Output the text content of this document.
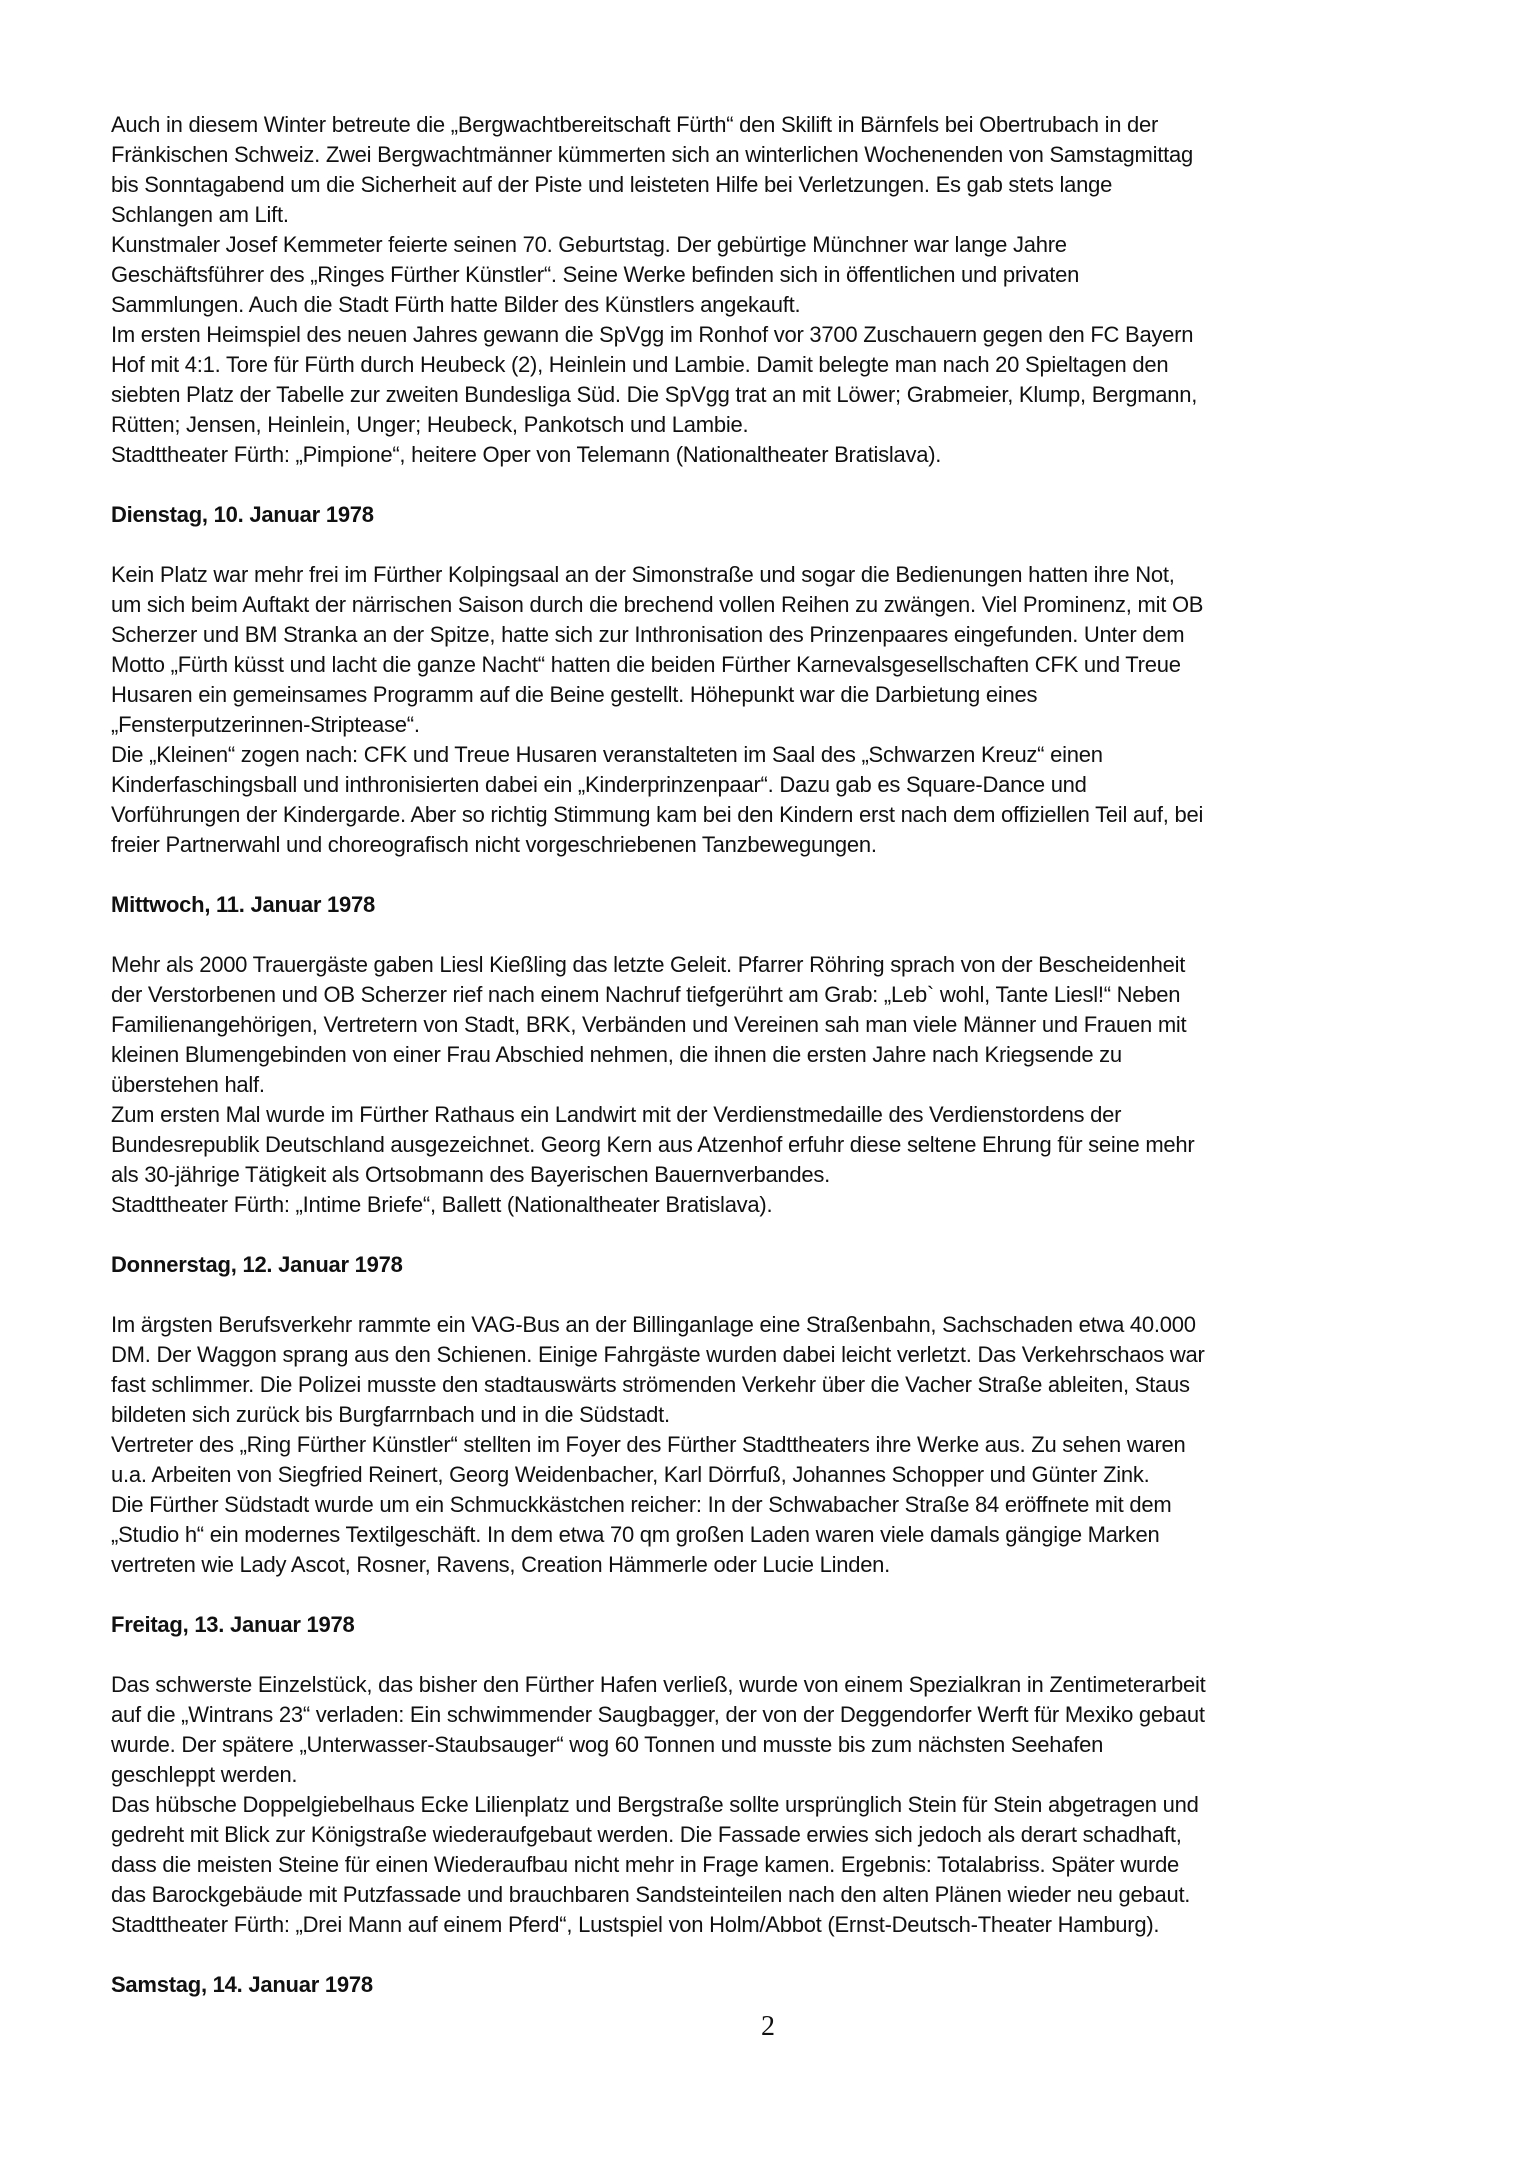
Auch in diesem Winter betreute die „Bergwachtbereitschaft Fürth“ den Skilift in Bärnfels bei Obertrubach in der
Fränkischen Schweiz. Zwei Bergwachtmänner kümmerten sich an winterlichen Wochenenden von Samstagmittag
bis Sonntagabend um die Sicherheit auf der Piste und leisteten Hilfe bei Verletzungen. Es gab stets lange
Schlangen am Lift.
Kunstmaler Josef Kemmeter feierte seinen 70. Geburtstag. Der gebürtige Münchner war lange Jahre
Geschäftsführer des „Ringes Fürther Künstler“. Seine Werke befinden sich in öffentlichen und privaten
Sammlungen. Auch die Stadt Fürth hatte Bilder des Künstlers angekauft.
Im ersten Heimspiel des neuen Jahres gewann die SpVgg im Ronhof vor 3700 Zuschauern gegen den FC Bayern
Hof mit 4:1. Tore für Fürth durch Heubeck (2), Heinlein und Lambie. Damit belegte man nach 20 Spieltagen den
siebten Platz der Tabelle zur zweiten Bundesliga Süd. Die SpVgg trat an mit Löwer; Grabmeier, Klump, Bergmann,
Rütten; Jensen, Heinlein, Unger; Heubeck, Pankotsch und Lambie.
Stadttheater Fürth: „Pimpione“, heitere Oper von Telemann (Nationaltheater Bratislava).
Dienstag, 10. Januar 1978
Kein Platz war mehr frei im Fürther Kolpingsaal an der Simonstraße und sogar die Bedienungen hatten ihre Not,
um sich beim Auftakt der närrischen Saison durch die brechend vollen Reihen zu zwängen. Viel Prominenz, mit OB
Scherzer und BM Stranka an der Spitze, hatte sich zur Inthronisation des Prinzenpaares eingefunden. Unter dem
Motto „Fürth küsst und lacht die ganze Nacht“ hatten die beiden Fürther Karnevalsgesellschaften CFK und Treue
Husaren ein gemeinsames Programm auf die Beine gestellt. Höhepunkt war die Darbietung eines
„Fensterputzerinnen-Striptease“.
Die „Kleinen“ zogen nach: CFK und Treue Husaren veranstalteten im Saal des „Schwarzen Kreuz“ einen
Kinderfaschingsball und inthronisierten dabei ein „Kinderprinzenpaar“. Dazu gab es Square-Dance und
Vorführungen der Kindergarde. Aber so richtig Stimmung kam bei den Kindern erst nach dem offiziellen Teil auf, bei
freier Partnerwahl und choreografisch nicht vorgeschriebenen Tanzbewegungen.
Mittwoch, 11. Januar 1978
Mehr als 2000 Trauergäste gaben Liesl Kießling das letzte Geleit. Pfarrer Röhring sprach von der Bescheidenheit
der Verstorbenen und OB Scherzer rief nach einem Nachruf tiefgerührt am Grab: „Leb` wohl, Tante Liesl!“ Neben
Familienangehörigen, Vertretern von Stadt, BRK, Verbänden und Vereinen sah man viele Männer und Frauen mit
kleinen Blumengebinden von einer Frau Abschied nehmen, die ihnen die ersten Jahre nach Kriegsende zu
überstehen half.
Zum ersten Mal wurde im Fürther Rathaus ein Landwirt mit der Verdienstmedaille des Verdienstordens der
Bundesrepublik Deutschland ausgezeichnet. Georg Kern aus Atzenhof erfuhr diese seltene Ehrung für seine mehr
als 30-jährige Tätigkeit als Ortsobmann des Bayerischen Bauernverbandes.
Stadttheater Fürth: „Intime Briefe“, Ballett (Nationaltheater Bratislava).
Donnerstag, 12. Januar 1978
Im ärgsten Berufsverkehr rammte ein VAG-Bus an der Billinganlage eine Straßenbahn, Sachschaden etwa 40.000
DM. Der Waggon sprang aus den Schienen. Einige Fahrgäste wurden dabei leicht verletzt. Das Verkehrschaos war
fast schlimmer. Die Polizei musste den stadtauswärts strömenden Verkehr über die Vacher Straße ableiten, Staus
bildeten sich zurück bis Burgfarrnbach und in die Südstadt.
Vertreter des „Ring Fürther Künstler“ stellten im Foyer des Fürther Stadttheaters ihre Werke aus. Zu sehen waren
u.a. Arbeiten von Siegfried Reinert, Georg Weidenbacher, Karl Dörrfuß, Johannes Schopper und Günter Zink.
Die Fürther Südstadt wurde um ein Schmuckkästchen reicher: In der Schwabacher Straße 84 eröffnete mit dem
„Studio h“ ein modernes Textilgeschäft. In dem etwa 70 qm großen Laden waren viele damals gängige Marken
vertreten wie Lady Ascot, Rosner, Ravens, Creation Hämmerle oder Lucie Linden.
Freitag, 13. Januar 1978
Das schwerste Einzelstück, das bisher den Fürther Hafen verließ, wurde von einem Spezialkran in Zentimeterarbeit
auf die „Wintrans 23“ verladen: Ein schwimmender Saugbagger, der von der Deggendorfer Werft für Mexiko gebaut
wurde. Der spätere „Unterwasser-Staubsauger“ wog 60 Tonnen und musste bis zum nächsten Seehafen
geschleppt werden.
Das hübsche Doppelgiebelhaus Ecke Lilienplatz und Bergstraße sollte ursprünglich Stein für Stein abgetragen und
gedreht mit Blick zur Königstraße wiederaufgebaut werden. Die Fassade erwies sich jedoch als derart schadhaft,
dass die meisten Steine für einen Wiederaufbau nicht mehr in Frage kamen. Ergebnis: Totalabriss. Später wurde
das Barockgebäude mit Putzfassade und brauchbaren Sandsteinteilen nach den alten Plänen wieder neu gebaut.
Stadttheater Fürth: „Drei Mann auf einem Pferd“, Lustspiel von Holm/Abbot (Ernst-Deutsch-Theater Hamburg).
Samstag, 14. Januar 1978
2
